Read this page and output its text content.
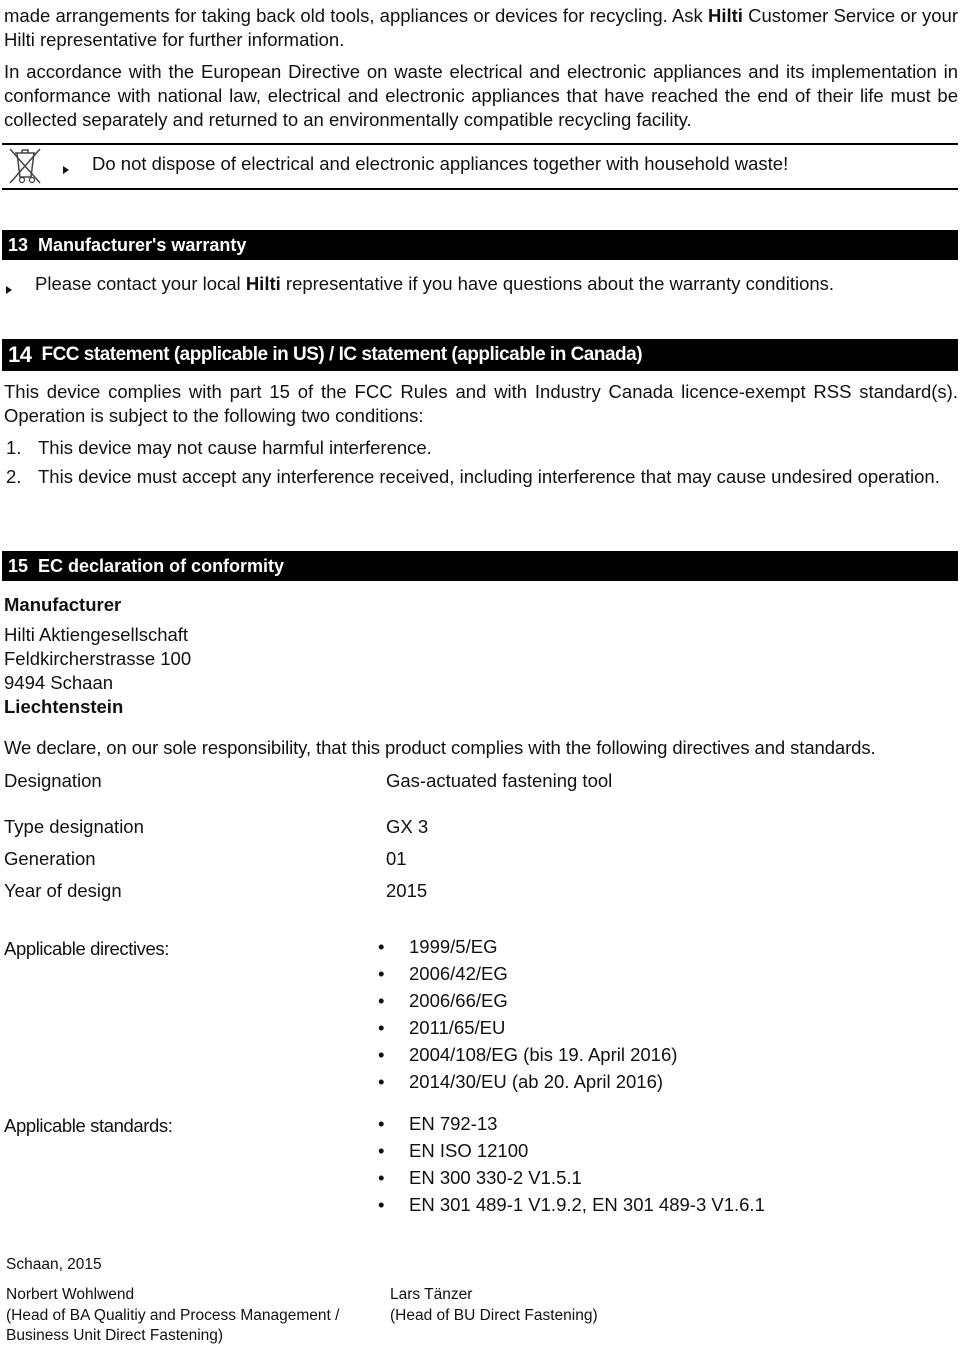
made arrangements for taking back old tools, appliances or devices for recycling. Ask Hilti Customer Service or your Hilti representative for further information.
In accordance with the European Directive on waste electrical and electronic appliances and its implementation in conformance with national law, electrical and electronic appliances that have reached the end of their life must be collected separately and returned to an environmentally compatible recycling facility.
Do not dispose of electrical and electronic appliances together with household waste!
13 Manufacturer's warranty
Please contact your local Hilti representative if you have questions about the warranty conditions.
14 FCC statement (applicable in US) / IC statement (applicable in Canada)
This device complies with part 15 of the FCC Rules and with Industry Canada licence-exempt RSS standard(s). Operation is subject to the following two conditions:
1. This device may not cause harmful interference.
2. This device must accept any interference received, including interference that may cause undesired operation.
15 EC declaration of conformity
Manufacturer
Hilti Aktiengesellschaft
Feldkircherstrasse 100
9494 Schaan
Liechtenstein
We declare, on our sole responsibility, that this product complies with the following directives and standards.
Designation	Gas-actuated fastening tool
Type designation	GX 3
Generation	01
Year of design	2015
Applicable directives:	• 1999/5/EG
• 2006/42/EG
• 2006/66/EG
• 2011/65/EU
• 2004/108/EG (bis 19. April 2016)
• 2014/30/EU (ab 20. April 2016)
Applicable standards:	• EN 792-13
• EN ISO 12100
• EN 300 330-2 V1.5.1
• EN 301 489-1 V1.9.2, EN 301 489-3 V1.6.1
Schaan, 2015
Norbert Wohlwend
(Head of BA Qualitiy and Process Management /
Business Unit Direct Fastening)
Lars Tänzer
(Head of BU Direct Fastening)
